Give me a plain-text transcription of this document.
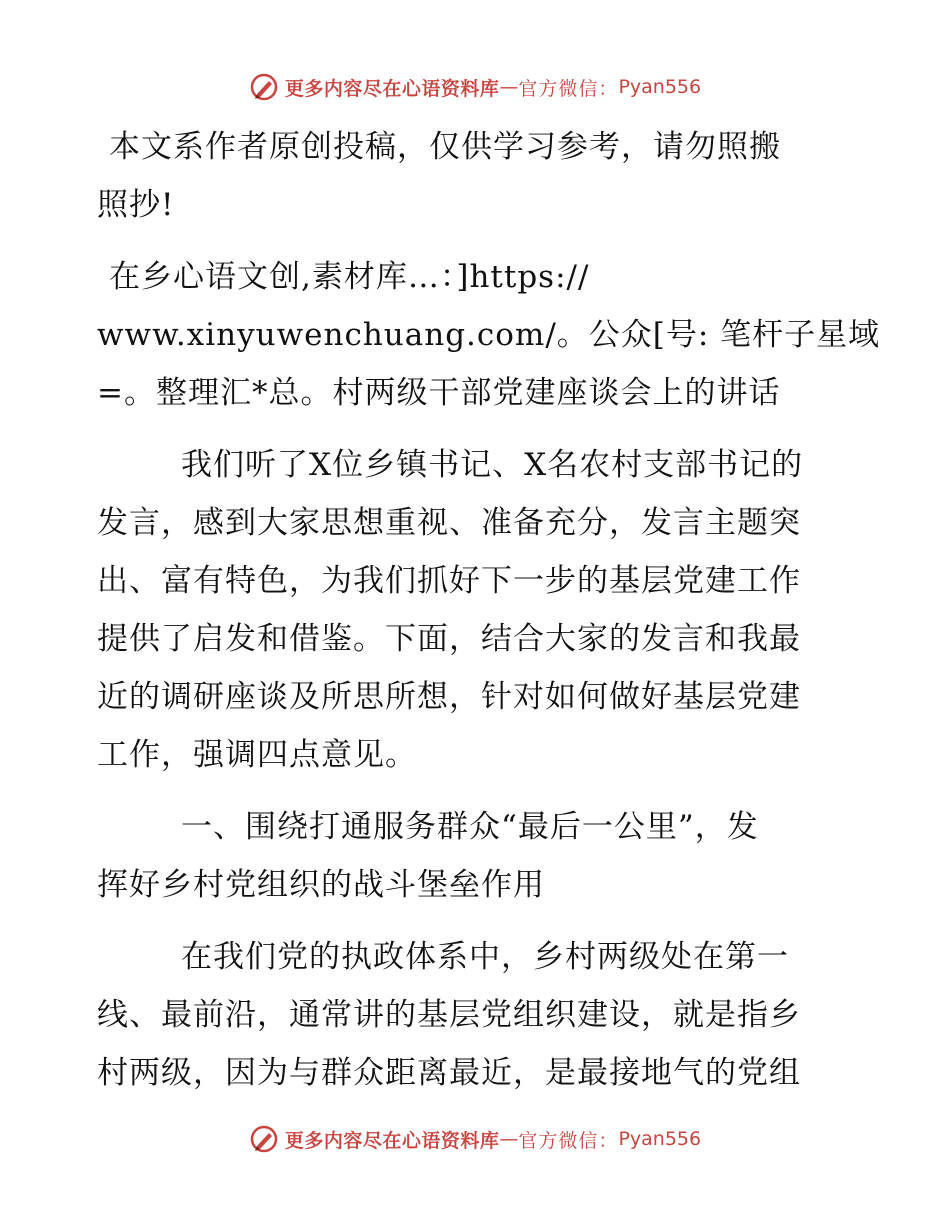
更多内容尽在心语资料库 — 官方微信： Pyan556
本文系作者原创投稿，仅供学习参考，请勿照搬
照抄!
在乡心语文创,素材库…：]https://
www.xinyuwenchuang.com/。公众[号: 笔杆子星域
=。整理汇*总。村两级干部党建座谈会上的讲话
我们听了X位乡镇书记、X名农村支部书记的
发言，感到大家思想重视、准备充分，发言主题突
出、富有特色，为我们抓好下一步的基层党建工作
提供了启发和借鉴。下面，结合大家的发言和我最
近的调研座谈及所思所想，针对如何做好基层党建
工作，强调四点意见。
一、围绕打通服务群众“最后一公里”，发
挥好乡村党组织的战斗堡垒作用
在我们党的执政体系中，乡村两级处在第一
线、最前沿，通常讲的基层党组织建设，就是指乡
村两级，因为与群众距离最近，是最接地气的党组
更多内容尽在心语资料库 — 官方微信： Pyan556
